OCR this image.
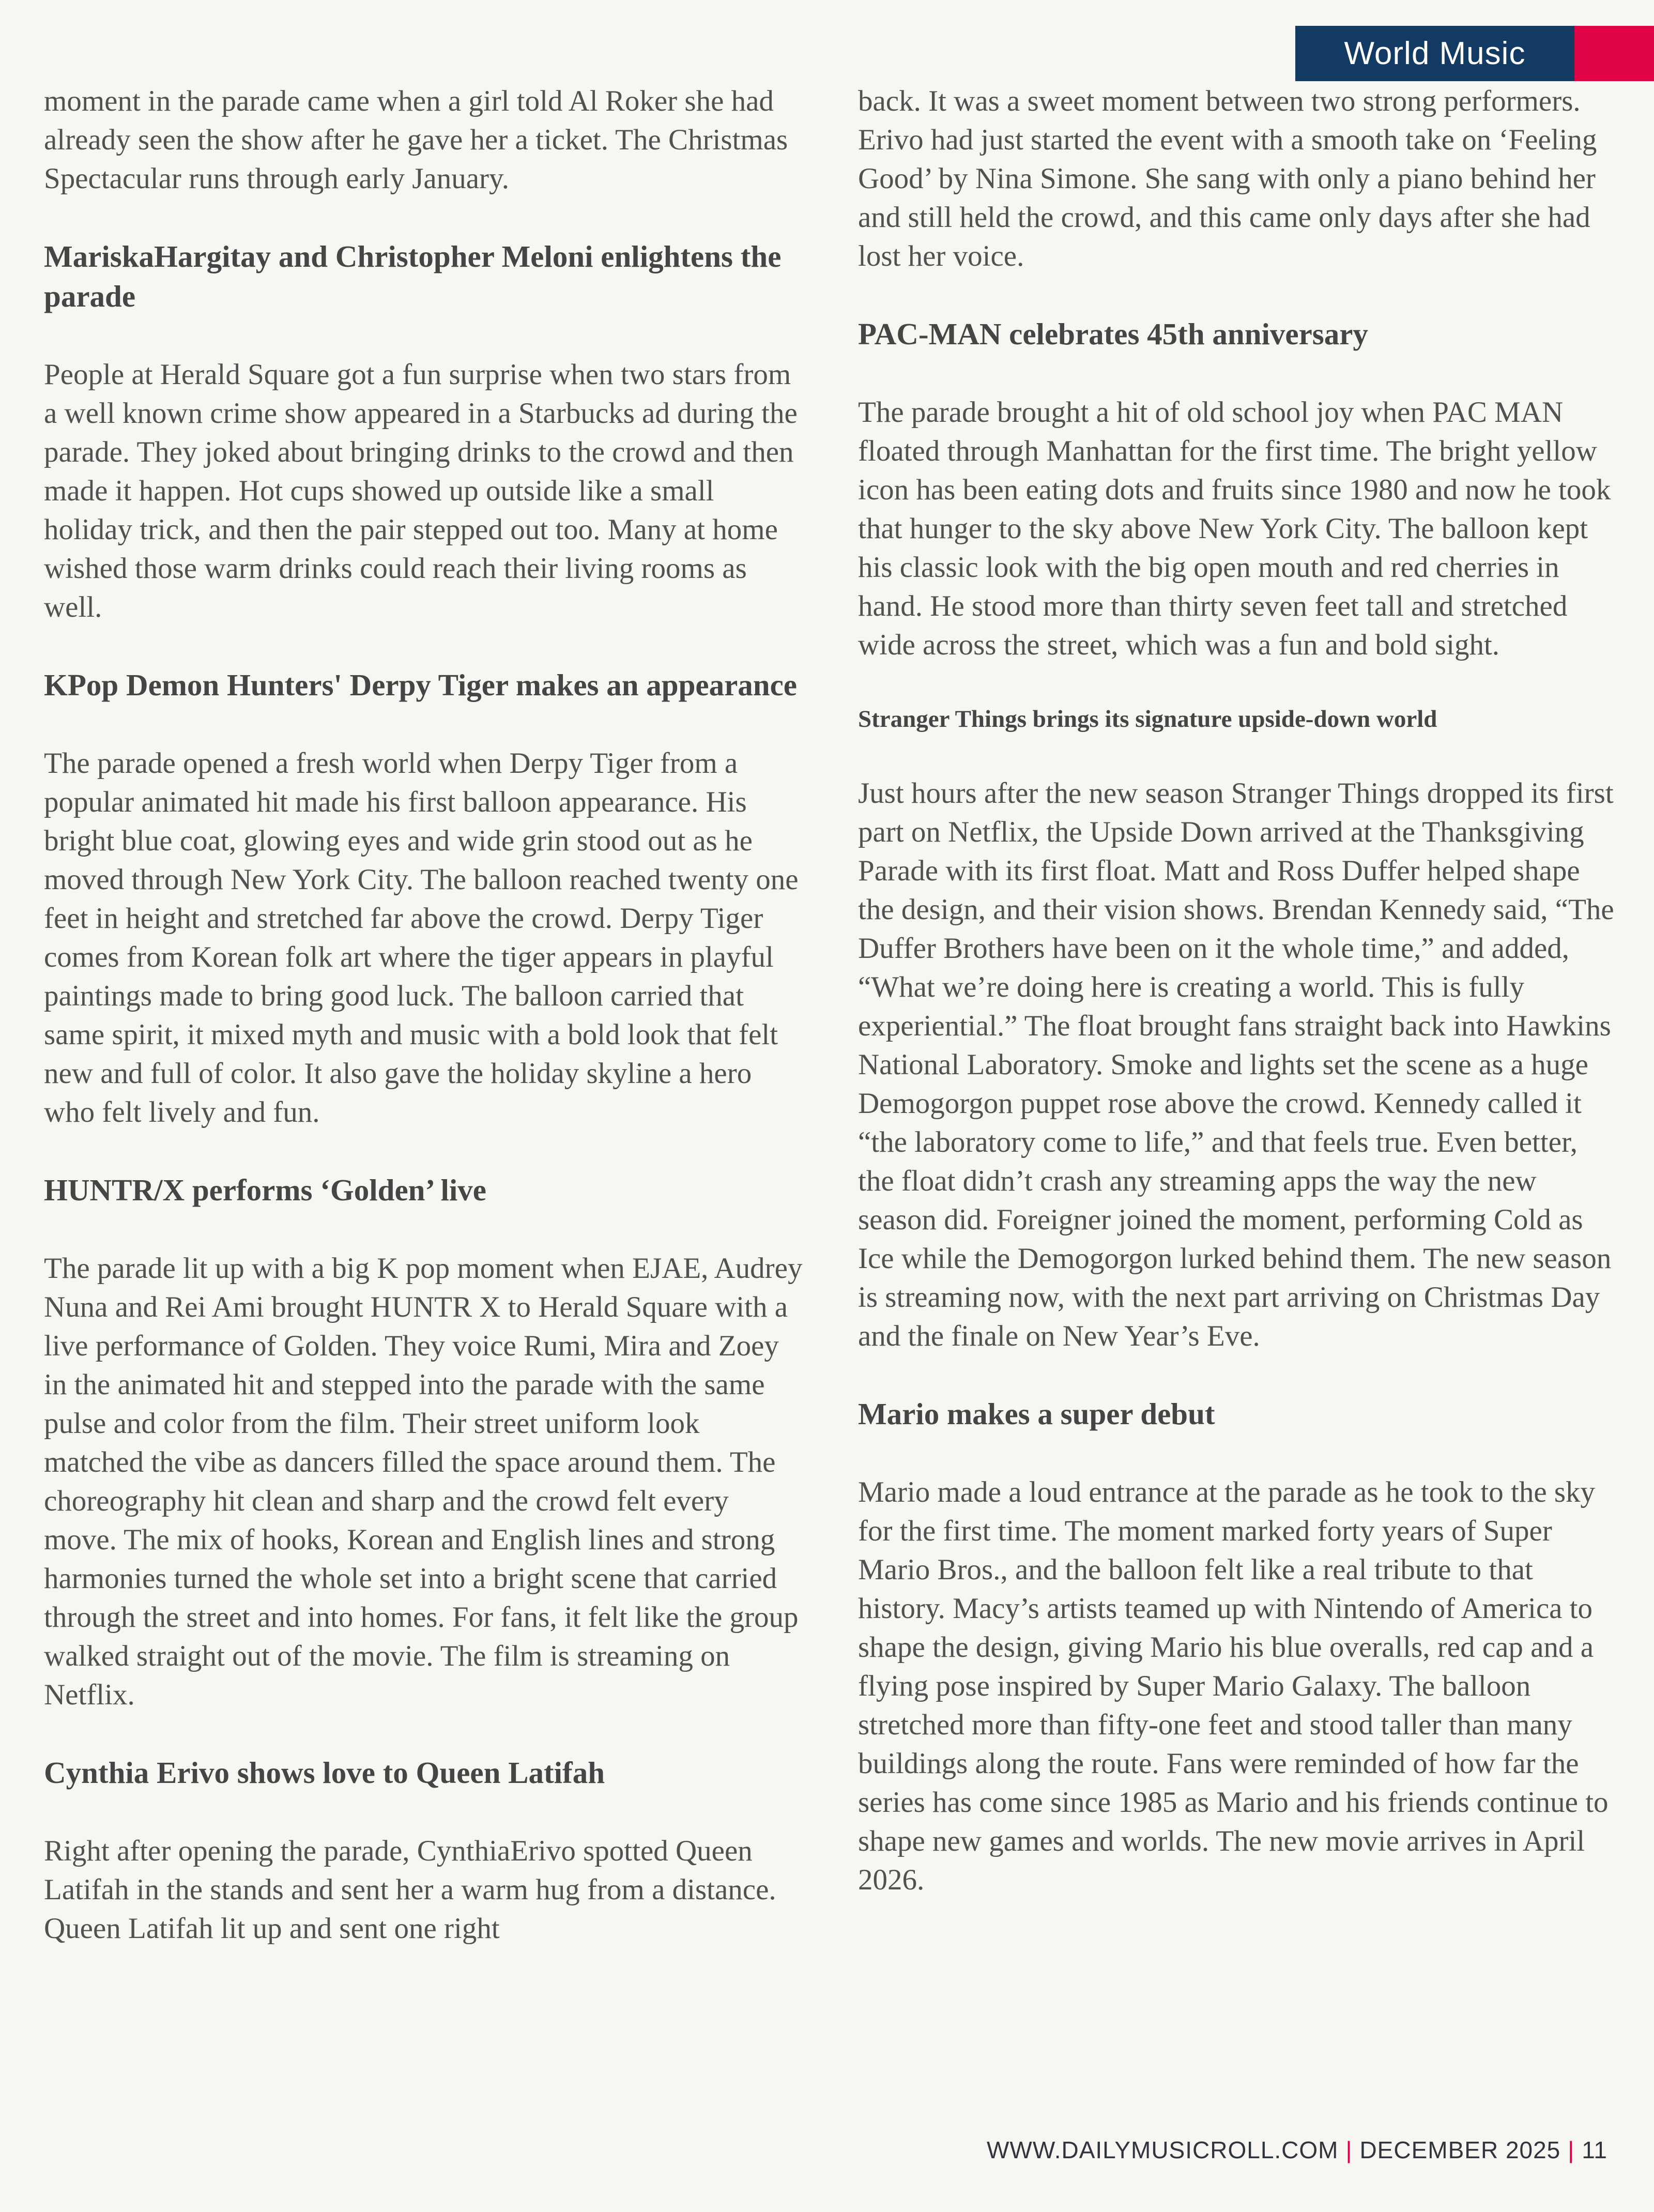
World Music

moment in the parade came when a girl told Al Roker she had already seen the show after he gave her a ticket. The Christmas Spectacular runs through early January.

MariskaHargitay and Christopher Meloni enlightens the parade

People at Herald Square got a fun surprise when two stars from a well known crime show appeared in a Starbucks ad during the parade. They joked about bringing drinks to the crowd and then made it happen. Hot cups showed up outside like a small holiday trick, and then the pair stepped out too. Many at home wished those warm drinks could reach their living rooms as well.

KPop Demon Hunters' Derpy Tiger makes an appearance

The parade opened a fresh world when Derpy Tiger from a popular animated hit made his first balloon appearance. His bright blue coat, glowing eyes and wide grin stood out as he moved through New York City. The balloon reached twenty one feet in height and stretched far above the crowd. Derpy Tiger comes from Korean folk art where the tiger appears in playful paintings made to bring good luck. The balloon carried that same spirit, it mixed myth and music with a bold look that felt new and full of color. It also gave the holiday skyline a hero who felt lively and fun.

HUNTR/X performs ‘Golden’ live

The parade lit up with a big K pop moment when EJAE, Audrey Nuna and Rei Ami brought HUNTR X to Herald Square with a live performance of Golden. They voice Rumi, Mira and Zoey in the animated hit and stepped into the parade with the same pulse and color from the film. Their street uniform look matched the vibe as dancers filled the space around them. The choreography hit clean and sharp and the crowd felt every move. The mix of hooks, Korean and English lines and strong harmonies turned the whole set into a bright scene that carried through the street and into homes. For fans, it felt like the group walked straight out of the movie. The film is streaming on Netflix.

Cynthia Erivo shows love to Queen Latifah

Right after opening the parade, CynthiaErivo spotted Queen Latifah in the stands and sent her a warm hug from a distance. Queen Latifah lit up and sent one right

back. It was a sweet moment between two strong performers. Erivo had just started the event with a smooth take on ‘Feeling Good’ by Nina Simone. She sang with only a piano behind her and still held the crowd, and this came only days after she had lost her voice.

PAC-MAN celebrates 45th anniversary

The parade brought a hit of old school joy when PAC MAN floated through Manhattan for the first time. The bright yellow icon has been eating dots and fruits since 1980 and now he took that hunger to the sky above New York City. The balloon kept his classic look with the big open mouth and red cherries in hand. He stood more than thirty seven feet tall and stretched wide across the street, which was a fun and bold sight.

Stranger Things brings its signature upside-down world

Just hours after the new season Stranger Things dropped its first part on Netflix, the Upside Down arrived at the Thanksgiving Parade with its first float. Matt and Ross Duffer helped shape the design, and their vision shows. Brendan Kennedy said, “The Duffer Brothers have been on it the whole time,” and added, “What we’re doing here is creating a world. This is fully experiential.” The float brought fans straight back into Hawkins National Laboratory. Smoke and lights set the scene as a huge Demogorgon puppet rose above the crowd. Kennedy called it “the laboratory come to life,” and that feels true. Even better, the float didn’t crash any streaming apps the way the new season did. Foreigner joined the moment, performing Cold as Ice while the Demogorgon lurked behind them. The new season is streaming now, with the next part arriving on Christmas Day and the finale on New Year’s Eve.

Mario makes a super debut

Mario made a loud entrance at the parade as he took to the sky for the first time. The moment marked forty years of Super Mario Bros., and the balloon felt like a real tribute to that history. Macy’s artists teamed up with Nintendo of America to shape the design, giving Mario his blue overalls, red cap and a flying pose inspired by Super Mario Galaxy. The balloon stretched more than fifty-one feet and stood taller than many buildings along the route. Fans were reminded of how far the series has come since 1985 as Mario and his friends continue to shape new games and worlds. The new movie arrives in April 2026.

WWW.DAILYMUSICROLL.COM | DECEMBER 2025 | 11
